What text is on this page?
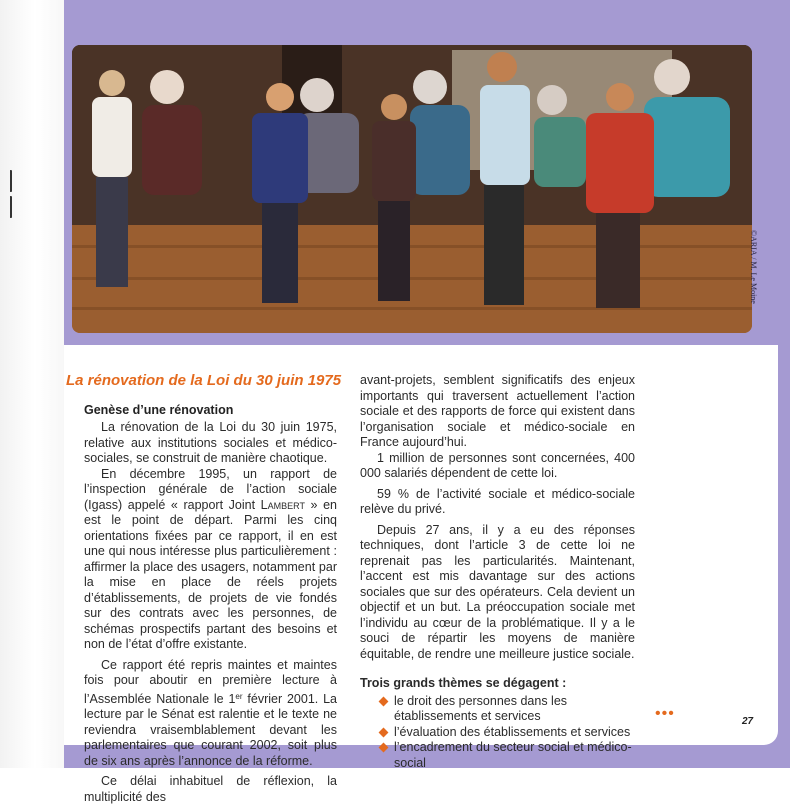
©ARIA / M. Le Moine
La rénovation de la Loi du 30 juin 1975
Genèse d’une rénovation

La rénovation de la Loi du 30 juin 1975, relative aux institutions sociales et médico-sociales, se construit de manière chaotique.

En décembre 1995, un rapport de l’inspection générale de l’action sociale (Igass) appelé « rapport Joint Lambert » en est le point de départ. Parmi les cinq orientations fixées par ce rapport, il en est une qui nous intéresse plus particulièrement : affirmer la place des usagers, notamment par la mise en place de réels projets d’établissements, de projets de vie fondés sur des contrats avec les personnes, de schémas prospectifs partant des besoins et non de l’état d’offre existante.

Ce rapport été repris maintes et maintes fois pour aboutir en première lecture à l’Assemblée Nationale le 1er février 2001. La lecture par le Sénat est ralentie et le texte ne reviendra vraisemblablement devant les parlementaires que courant 2002, soit plus de six ans après l’annonce de la réforme.

Ce délai inhabituel de réflexion, la multiplicité des

avant-projets, semblent significatifs des enjeux importants qui traversent actuellement l’action sociale et des rapports de force qui existent dans l’organisation sociale et médico-sociale en France aujourd’hui.

1 million de personnes sont concernées, 400 000 salariés dépendent de cette loi.

59 % de l’activité sociale et médico-sociale relève du privé.

Depuis 27 ans, il y a eu des réponses techniques, dont l’article 3 de cette loi ne reprenait pas les particularités. Maintenant, l’accent est mis davantage sur des actions sociales que sur des opérateurs. Cela devient un objectif et un but. La préoccupation sociale met l’individu au cœur de la problématique. Il y a le souci de répartir les moyens de manière équitable, de rendre une meilleure justice sociale.

Trois grands thèmes se dégagent :

le droit des personnes dans les établissements et services
l’évaluation des établissements et services
l’encadrement du secteur social et médico-social
•••	27
